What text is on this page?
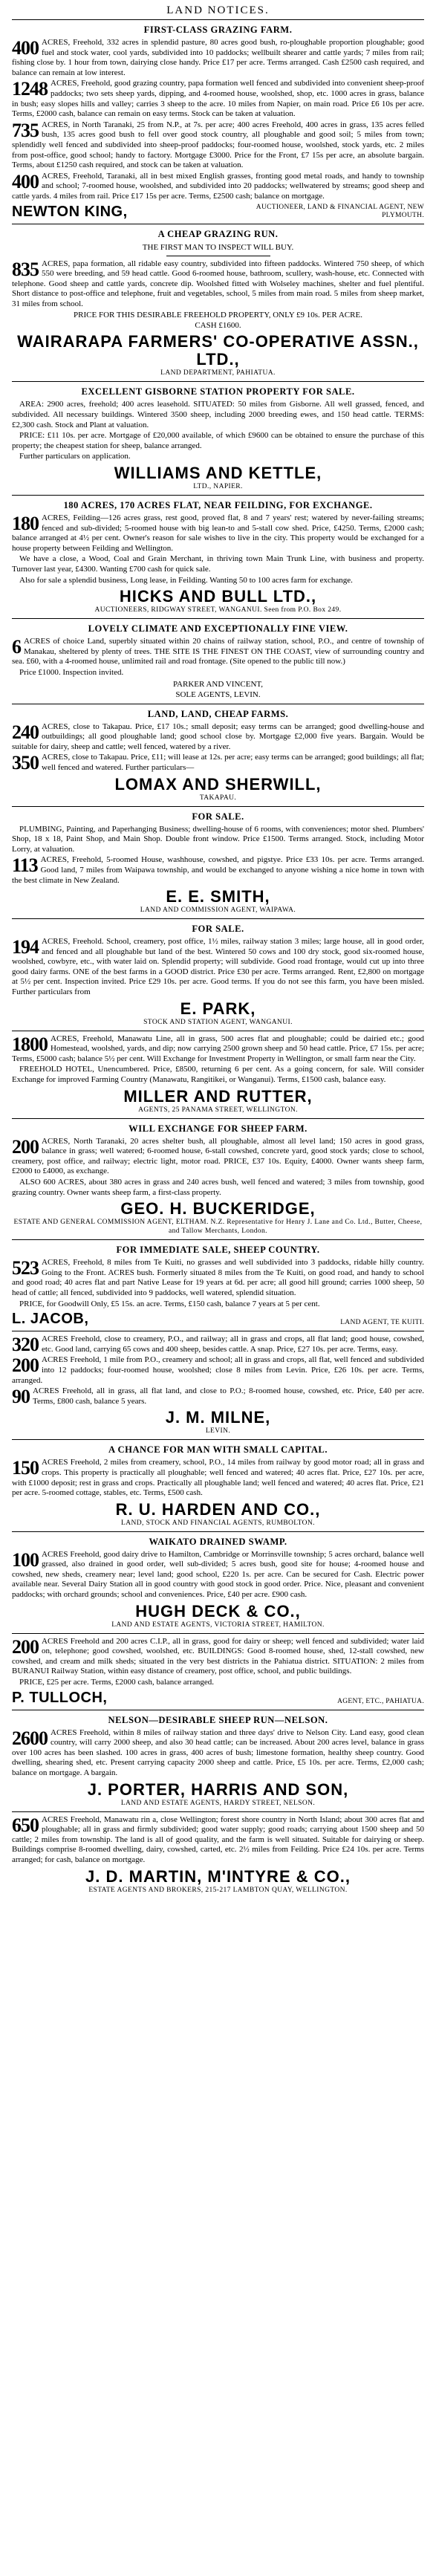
LAND NOTICES.
FIRST-CLASS GRAZING FARM.
400 ACRES, Freehold, 332 acres in splendid pasture, 80 acres good bush, ro-ploughable proportion ploughable; good fuel and stock water, cool yards, subdivided into 10 paddocks; wellbuilt shearer and cattle yards; 7 miles from rail; fishing close by. 1 hour from town, dairying close handy. Price £17 per acre. Terms arranged. Cash £2500 cash required, and balance can remain at low interest.
1248 ACRES, Freehold, good grazing country, papa formation well fenced and subdivided into convenient sheep-proof paddocks; two sets sheep yards, dipping, and 4-roomed house, woolshed, shop, etc. 1000 acres in grass, balance in bush; easy slopes hills and valley; carries 3 sheep to the acre. 10 miles from Napier, on main road. Price £6 10s per acre. Terms, £2000 cash, balance can remain on easy terms. Stock can be taken at valuation.
735 ACRES, in North Taranaki, 25 from N.P., at 7s. per acre; 400 acres Freehold, 400 acres in grass, 135 acres felled bush, 135 acres good bush to fell over good stock country, all ploughable and good soil; 5 miles from town; splendidly well fenced and subdivided into sheep-proof paddocks; four-roomed house, woolshed, stock yards, etc. 2 miles from post-office, good school; handy to factory. Mortgage £3000. Price for the Front, £7 15s per acre, an absolute bargain. Terms, about £1250 cash required, and stock can be taken at valuation.
400 ACRES, Freehold, Taranaki, all in best mixed English grasses, fronting good metal roads, and handy to township and school; 7-roomed house, woolshed, and subdivided into 20 paddocks; wellwatered by streams; good sheep and cattle yards. 4 miles from rail. Price £17 15s per acre. Terms, £2500 cash; balance on mortgage.
NEWTON KING,	AUCTIONEER, LAND & FINANCIAL AGENT, NEW PLYMOUTH.
A CHEAP GRAZING RUN.
THE FIRST MAN TO INSPECT WILL BUY.
835 ACRES, papa formation, all ridable easy country, subdivided into fifteen paddocks. Wintered 750 sheep, of which 550 were breeding, and 59 head cattle. Good 6-roomed house, bathroom, scullery, wash-house, etc. Connected with telephone. Good sheep and cattle yards, concrete dip. Woolshed fitted with Wolseley machines, shelter and fuel plentiful. Short distance to post-office and telephone, fruit and vegetables, school, 5 miles from main road. 5 miles from sheep market, 31 miles from school.
PRICE FOR THIS DESIRABLE FREEHOLD PROPERTY, ONLY £9 10s. PER ACRE.
CASH £1600.
WAIRARAPA FARMERS' CO-OPERATIVE ASSN., LTD.,
LAND DEPARTMENT, PAHIATUA.
EXCELLENT GISBORNE STATION PROPERTY FOR SALE.
AREA: 2900 acres, freehold; 400 acres leasehold. SITUATED: 50 miles from Gisborne. All well grassed, fenced, and subdivided. All necessary buildings. Wintered 3500 sheep, including 2000 breeding ewes, and 150 head cattle. TERMS: £2,300 cash. Stock and Plant at valuation.
PRICE: £11 10s. per acre. Mortgage of £20,000 available, of which £9600 can be obtained to ensure the purchase of this property; the cheapest station for sheep, balance arranged.
Further particulars on application.
WILLIAMS AND KETTLE,
LTD., NAPIER.
180 ACRES, 170 ACRES FLAT, NEAR FEILDING, FOR EXCHANGE.
180 ACRES, Feilding—126 acres grass, rest good, proved flat, 8 and 7 years' rest; watered by never-failing streams; fenced and sub-divided; 5-roomed house with big lean-to and 5-stall cow shed. Price, £4250. Terms, £2000 cash; balance arranged at 4½ per cent. Owner's reason for sale wishes to live in the city. This property would be exchanged for a house property between Feilding and Wellington.
We have a close, a Wood, Coal and Grain Merchant, in thriving town Main Trunk Line, with business and property. Turnover last year, £4300. Wanting £700 cash for quick sale.
Also for sale a splendid business, Long lease, in Feilding. Wanting 50 to 100 acres farm for exchange.
HICKS AND BULL LTD.,
AUCTIONEERS, RIDGWAY STREET, WANGANUI. Seen from P.O. Box 249.
LOVELY CLIMATE AND EXCEPTIONALLY FINE VIEW.
6 ACRES of choice Land, superbly situated within 20 chains of railway station, school, P.O., and centre of township of Manakau, sheltered by plenty of trees. THE SITE IS THE FINEST ON THE COAST, view of surrounding country and sea. £60, with a 4-roomed house, unlimited rail and road frontage. (Site opened to the public till now.)
Price £1000. Inspection invited.
PARKER AND VINCENT,
SOLE AGENTS, LEVIN.
LAND, LAND, CHEAP FARMS.
240 ACRES, close to Takapau. Price, £17 10s.; small deposit; easy terms can be arranged; good dwelling-house and outbuildings; all good ploughable land; good school close by. Mortgage £2,000 five years. Bargain. Would be suitable for dairy, sheep and cattle; well fenced, watered by a river.
350 ACRES, close to Takapau. Price, £11; will lease at 12s. per acre; easy terms can be arranged; good buildings; all flat; well fenced and watered. Further particulars—
LOMAX AND SHERWILL,
TAKAPAU.
FOR SALE.
PLUMBING, Painting, and Paperhanging Business; dwelling-house of 6 rooms, with conveniences; motor shed. Plumbers' Shop, 18 x 18, Paint Shop, and Main Shop. Double front window. Price £1500. Terms arranged. Stock, including Motor Lorry, at valuation.
113 ACRES, Freehold, 5-roomed House, washhouse, cowshed, and pigstye. Price £33 10s. per acre. Terms arranged. Good land, 7 miles from Waipawa township, and would be exchanged to anyone wishing a nice home in town with the best climate in New Zealand.
E. E. SMITH,
LAND AND COMMISSION AGENT, WAIPAWA.
FOR SALE.
194 ACRES, Freehold. School, creamery, post office, 1½ miles, railway station 3 miles; large house, all in good order, and fenced and all ploughable but land of the best. Wintered 50 cows and 100 dry stock, good six-roomed house, woolshed, cowbyre, etc., with water laid on. Splendid property; will subdivide. Good road frontage, would cut up into three good dairy farms. ONE of the best farms in a GOOD district. Price £30 per acre. Terms arranged. Rent, £2,800 on mortgage at 5½ per cent. Inspection invited. Price £29 10s. per acre. Good terms. If you do not see this farm, you have been misled. Further particulars from
E. PARK,
STOCK AND STATION AGENT, WANGANUI.
1800 ACRES, Freehold, Manawatu Line, all in grass, 500 acres flat and ploughable; could be dairied etc.; good Homestead, woolshed, yards, and dip; now carrying 2500 grown sheep and 50 head cattle. Price, £7 15s. per acre; Terms, £5000 cash; balance 5½ per cent. Will Exchange for Investment Property in Wellington, or small farm near the City.
FREEHOLD HOTEL, Unencumbered. Price, £8500, returning 6 per cent. As a going concern, for sale. Will consider Exchange for improved Farming Country (Manawatu, Rangitikei, or Wanganui). Terms, £1500 cash, balance easy.
MILLER AND RUTTER,
AGENTS, 25 PANAMA STREET, WELLINGTON.
WILL EXCHANGE FOR SHEEP FARM.
200 ACRES, North Taranaki, 20 acres shelter bush, all ploughable, almost all level land; 150 acres in good grass, balance in grass; well watered; 6-roomed house, 6-stall cowshed, concrete yard, good stock yards; close to school, creamery, post office, and railway; electric light, motor road. PRICE, £37 10s. Equity, £4000. Owner wants sheep farm, £2000 to £4000, as exchange.
ALSO 600 ACRES, about 380 acres in grass and 240 acres bush, well fenced and watered; 3 miles from township, good grazing country. Owner wants sheep farm, a first-class property.
GEO. H. BUCKERIDGE,
ESTATE AND GENERAL COMMISSION AGENT, ELTHAM. N.Z. Representative for Henry J. Lane and Co. Ltd., Butter, Cheese, and Tallow Merchants, London.
FOR IMMEDIATE SALE, SHEEP COUNTRY.
523 ACRES, Freehold, 8 miles from Te Kuiti, no grasses and well subdivided into 3 paddocks, ridable hilly country. Going to the Front. ACRES bush. Formerly situated 8 miles from the Te Kuiti, on good road, and handy to school and good road; 40 acres flat and part Native Lease for 19 years at 6d. per acre; all good hill ground; carries 1000 sheep, 50 head of cattle; all fenced, subdivided into 9 paddocks, well watered, splendid situation.
PRICE, for Goodwill Only, £5 15s. an acre. Terms, £150 cash, balance 7 years at 5 per cent.
L. JACOB,	LAND AGENT, TE KUITI.
320 ACRES Freehold, close to creamery, P.O., and railway; all in grass and crops, all flat land; good house, cowshed, etc. Good land, carrying 65 cows and 400 sheep, besides cattle. A snap. Price, £27 10s. per acre. Terms, easy.
200 ACRES Freehold, 1 mile from P.O., creamery and school; all in grass and crops, all flat, well fenced and subdivided into 12 paddocks; four-roomed house, woolshed; close 8 miles from Levin. Price, £26 10s. per acre. Terms, arranged.
90 ACRES Freehold, all in grass, all flat land, and close to P.O.; 8-roomed house, cowshed, etc. Price, £40 per acre. Terms, £800 cash, balance 5 years.
J. M. MILNE,
LEVIN.
A CHANCE FOR MAN WITH SMALL CAPITAL.
150 ACRES Freehold, 2 miles from creamery, school, P.O., 14 miles from railway by good motor road; all in grass and crops. This property is practically all ploughable; well fenced and watered; 40 acres flat. Price, £27 10s. per acre, with £1000 deposit; rest in grass and crops. Practically all ploughable land; well fenced and watered; 40 acres flat. Price, £21 per acre. 5-roomed cottage, stables, etc. Terms, £500 cash.
R. U. HARDEN AND CO.,
LAND, STOCK AND FINANCIAL AGENTS, RUMBOLTON.
WAIKATO DRAINED SWAMP.
100 ACRES Freehold, good dairy drive to Hamilton, Cambridge or Morrinsville township; 5 acres orchard, balance well grassed, also drained in good order, well sub-divided; 5 acres bush, good site for house; 4-roomed house and cowshed, new sheds, creamery near; level land; good school, £220 1s. per acre. Can be secured for Cash. Electric power available near. Several Dairy Station all in good country with good stock in good order. Price. Nice, pleasant and convenient paddocks; with orchard grounds; school and conveniences. Price, £40 per acre. £900 cash.
HUGH DECK & CO.,
LAND AND ESTATE AGENTS, VICTORIA STREET, HAMILTON.
200 ACRES Freehold and 200 acres C.I.P., all in grass, good for dairy or sheep; well fenced and subdivided; water laid on, telephone; good cowshed, woolshed, etc. BUILDINGS: Good 8-roomed house, shed, 12-stall cowshed, new cowshed, and cream and milk sheds; situated in the very best districts in the Pahiatua district. SITUATION: 2 miles from BURANUI Railway Station, within easy distance of creamery, post office, school, and public buildings.
PRICE, £25 per acre. Terms, £2000 cash, balance arranged.
P. TULLOCH,	AGENT, ETC., PAHIATUA.
NELSON—DESIRABLE SHEEP RUN—NELSON.
2600 ACRES Freehold, within 8 miles of railway station and three days' drive to Nelson City. Land easy, good clean country, will carry 2000 sheep, and also 30 head cattle; can be increased. About 200 acres level, balance in grass over 100 acres has been slashed. 100 acres in grass, 400 acres of bush; limestone formation, healthy sheep country. Good dwelling, shearing shed, etc. Present carrying capacity 2000 sheep and cattle. Price, £5 10s. per acre. Terms, £2,000 cash; balance on mortgage. A bargain.
J. PORTER, HARRIS AND SON,
LAND AND ESTATE AGENTS, HARDY STREET, NELSON.
650 ACRES Freehold, Manawatu rin a, close Wellington; forest shore country in North Island; about 300 acres flat and ploughable; all in grass and firmly subdivided; good water supply; good roads; carrying about 1500 sheep and 50 cattle; 2 miles from township. The land is all of good quality, and the farm is well situated. Suitable for dairying or sheep. Buildings comprise 8-roomed dwelling, dairy, cowshed, carted, etc. 2½ miles from Feilding. Price £24 10s. per acre. Terms arranged; for cash, balance on mortgage.
J. D. MARTIN, M'INTYRE & CO.,
ESTATE AGENTS AND BROKERS, 215-217 LAMBTON QUAY, WELLINGTON.
